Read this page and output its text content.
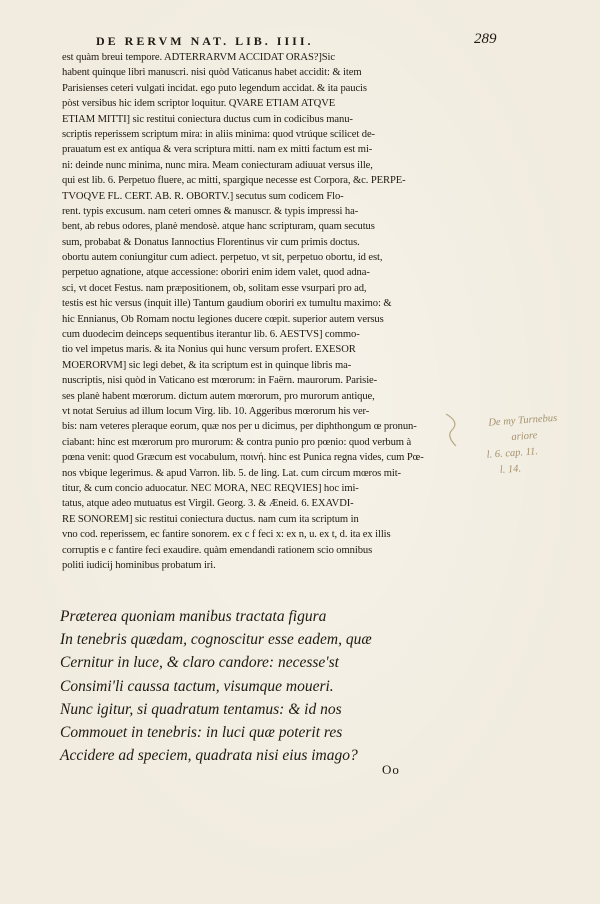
DE RERVM NAT. LIB. IIII.	289
est quàm breui tempore. ADTERRARVM ACCIDAT ORAS?]Sic
habent quinque libri manuscri. nisi quòd Vaticanus habet accidit: & item
Parisienses ceteri vulgati incidat. ego puto legendum accidat. & ita paucis
pòst versibus hic idem scriptor loquitur. QVARE ETIAM ATQVE
ETIAM MITTI] sic restitui coniectura ductus cum in codicibus manu-
scriptis reperissem scriptum mira: in aliis minima: quod vtrúque scilicet de-
prauatum est ex antiqua & vera scriptura mitti. nam ex mitti factum est mi-
ni: deinde nunc minima, nunc mira. Meam coniecturam adiuuat versus ille,
qui est lib. 6. Perpetuo fluere, ac mitti, spargique necesse est Corpora, &c. PERPE-
TVOQVE FL. CERT. AB. R. OBORTV.] secutus sum codicem Flo-
rent. typis excusum. nam ceteri omnes & manuscr. & typis impressi ha-
bent, ab rebus odores, planè mendosè. atque hanc scripturam, quam secutus
sum, probabat & Donatus Iannoctius Florentinus vir cum primis doctus.
obortu autem coniungitur cum adiect. perpetuo, vt sit, perpetuo obortu, id est,
perpetuo agnatione, atque accessione: oboriri enim idem valet, quod adna-
sci, vt docet Festus. nam præpositionem, ob, solitam esse vsurpari pro ad,
testis est hic versus (inquit ille) Tantum gaudium oboriri ex tumultu maximo: &
hic Ennianus, Ob Romam noctu legiones ducere cœpit. superior autem versus
cum duodecim deinceps sequentibus iterantur lib. 6. AESTVS] commo-
tio vel impetus maris. & ita Nonius qui hunc versum profert. EXESOR
MOERORVM] sic legi debet, & ita scriptum est in quinque libris ma-
nuscriptis, nisi quòd in Vaticano est mœrorum: in Faërn. maurorum. Parisie-
ses planè habent mœrorum. dictum autem mœrorum, pro murorum antique,
vt notat Seruius ad illum locum Virg. lib. 10. Aggeribus mœrorum his ver-
bis: nam veteres pleraque eorum, quæ nos per u dicimus, per diphthongum œ pronun-
ciabant: hinc est mœrorum pro murorum: & contra punio pro pœnio: quod verbum à
pœna venit: quod Græcum est vocabulum, ποινή. hinc est Punica regna vides, cum Pœ-
nos vbique legerimus. & apud Varron. lib. 5. de ling. Lat. cum circum mœros mit-
titur, & cum concio aduocatur. NEC MORA, NEC REQVIES] hoc imi-
tatus, atque adeo mutuatus est Virgil. Georg. 3. & Æneid. 6. EXAVDI-
RE SONOREM] sic restitui coniectura ductus. nam cum ita scriptum in
vno cod. reperissem, ec fantire sonorem. ex c f feci x: ex n, u. ex t, d. ita ex illis
corruptis e c fantire feci exaudire. quàm emendandi rationem scio omnibus
politi iudicij hominibus probatum iri.
De my Turnebus
ariore
l. 6. cap. 11.
l. 14.
Præterea quoniam manibus tractata figura
In tenebris quædam, cognoscitur esse eadem, quæ
Cernitur in luce, & claro candore: necesse'st
Consimi'li caussa tactum, visumque moueri.
Nunc igitur, si quadratum tentamus: & id nos
Commouet in tenebris: in luci quæ poterit res
Accidere ad speciem, quadrata nisi eius imago?
Oo
